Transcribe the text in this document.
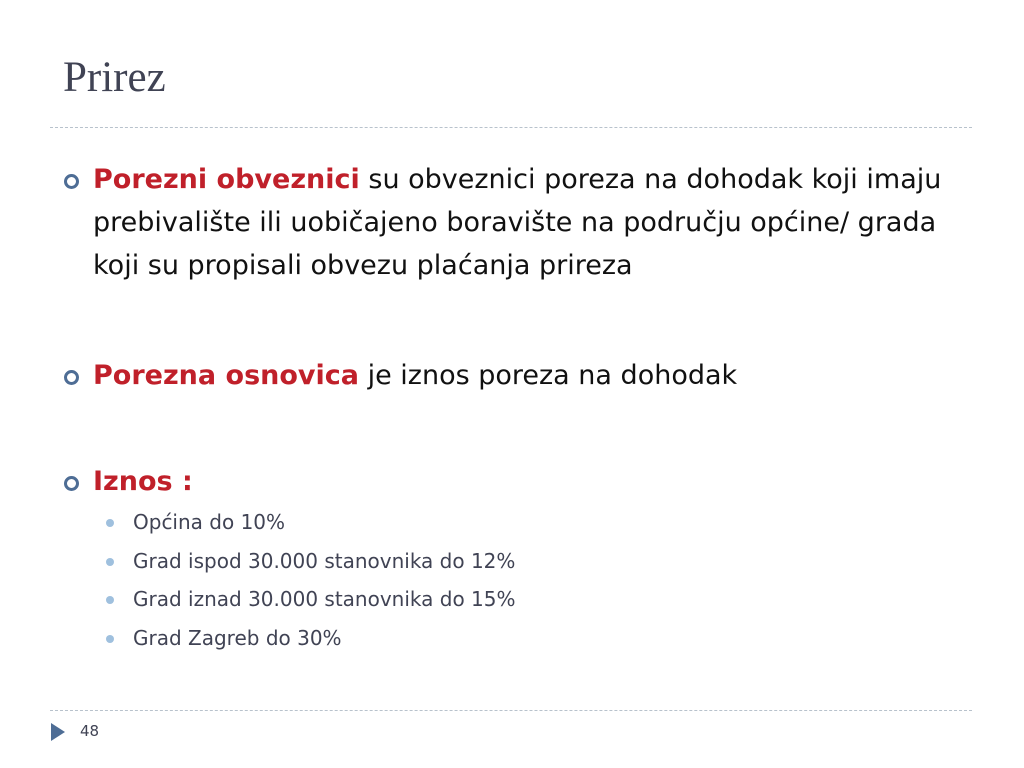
Prirez
Porezni obveznici su obveznici poreza na dohodak koji imaju prebivalište ili uobičajeno boravište na području općine/ grada koji su propisali obvezu plaćanja prireza
Porezna osnovica je iznos poreza na dohodak
Iznos :
Općina do 10%
Grad ispod 30.000 stanovnika do 12%
Grad iznad 30.000 stanovnika do 15%
Grad Zagreb do 30%
48
